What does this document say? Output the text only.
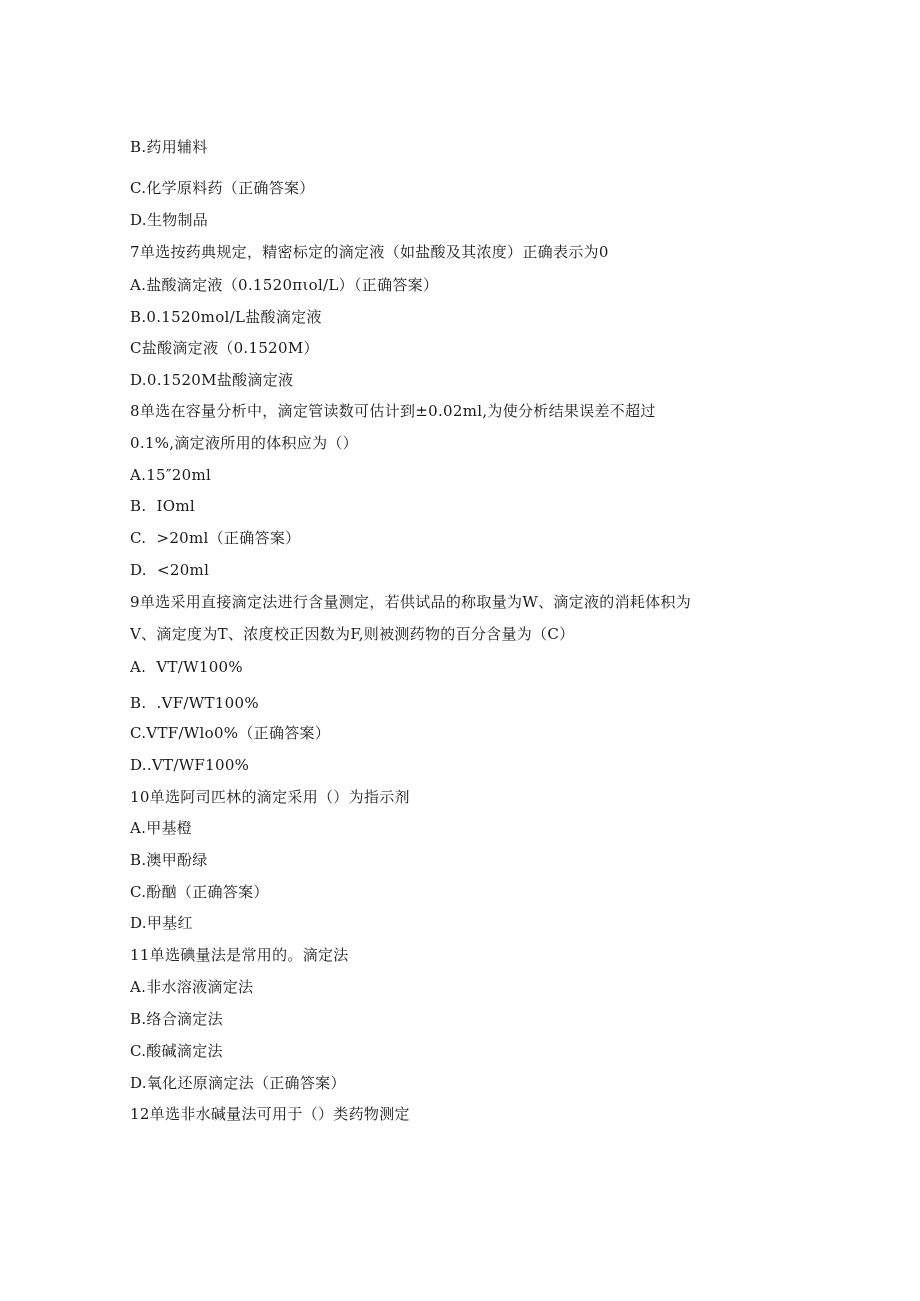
B.药用辅料
C.化学原料药（正确答案）
D.生物制品
7单选按药典规定，精密标定的滴定液（如盐酸及其浓度）正确表示为0
A.盐酸滴定液（0.1520πιol/L）（正确答案）
B.0.1520mol/L盐酸滴定液
C盐酸滴定液（0.1520M）
D.0.1520M盐酸滴定液
8单选在容量分析中，滴定管读数可估计到±0.02ml,为使分析结果误差不超过
0.1%,滴定液所用的体积应为（）
A.15″20ml
B.  IOml
C.  >20ml（正确答案）
D.  <20ml
9单选采用直接滴定法进行含量测定，若供试品的称取量为W、滴定液的消耗体积为
V、滴定度为T、浓度校正因数为F,则被测药物的百分含量为（C）
A.  VT/W100%
B.  .VF/WT100%
C.VTF/Wlo0%（正确答案）
D..VT/WF100%
10单选阿司匹林的滴定采用（）为指示剂
A.甲基橙
B.澳甲酚绿
C.酚酗（正确答案）
D.甲基红
11单选碘量法是常用的。滴定法
A.非水溶液滴定法
B.络合滴定法
C.酸碱滴定法
D.氧化还原滴定法（正确答案）
12单选非水碱量法可用于（）类药物测定
